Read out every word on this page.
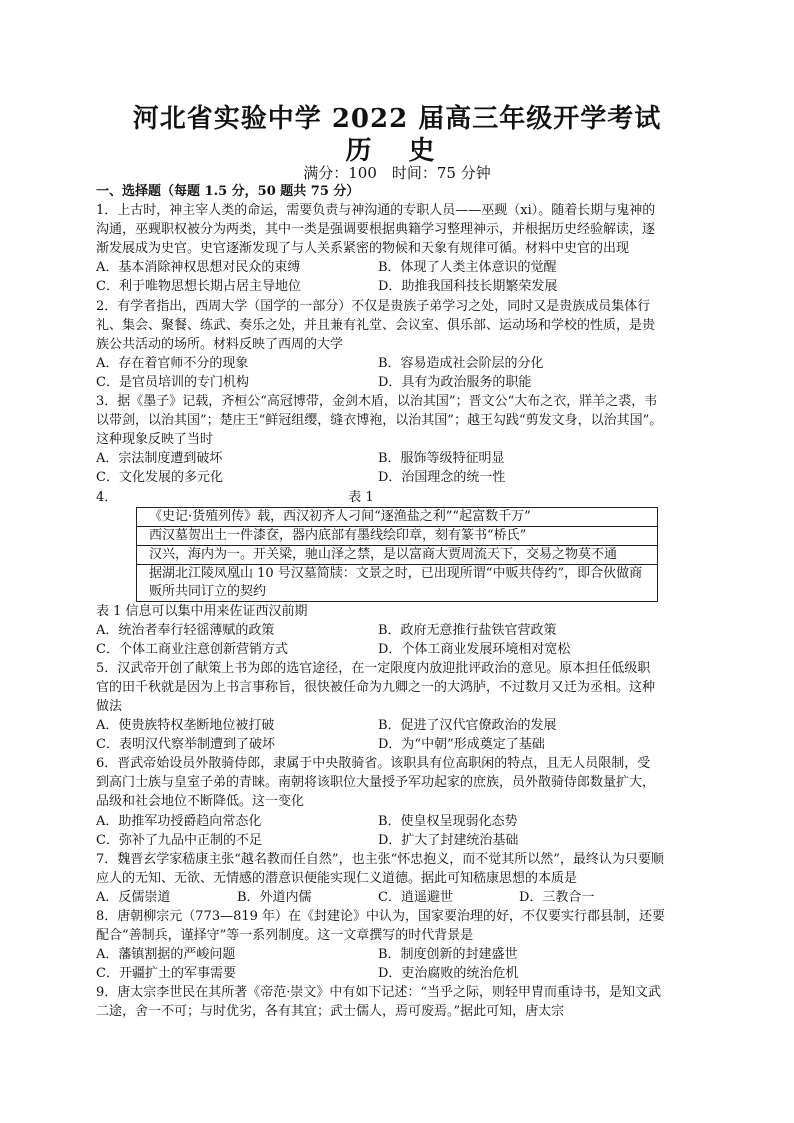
河北省实验中学 2022 届高三年级开学考试
历 史
满分：100　时间：75 分钟
一、选择题（每题 1.5 分，50 题共 75 分）
1．上古时，神主宰人类的命运，需要负责与神沟通的专职人员——巫觋（xi）。随着长期与鬼神的
沟通，巫觋职权被分为两类，其中一类是强调要根据典籍学习整理神示，并根据历史经验解读，逐
渐发展成为史官。史官逐渐发现了与人关系紧密的物候和天象有规律可循。材料中史官的出现
A．基本消除神权思想对民众的束缚	B．体现了人类主体意识的觉醒
C．利于唯物思想长期占居主导地位	D．助推我国科技长期繁荣发展
2．有学者指出，西周大学（国学的一部分）不仅是贵族子弟学习之处，同时又是贵族成员集体行
礼、集会、聚餐、练武、奏乐之处，并且兼有礼堂、会议室、俱乐部、运动场和学校的性质，是贵
族公共活动的场所。材料反映了西周的大学
A．存在着官师不分的现象	B．容易造成社会阶层的分化
C．是官员培训的专门机构	D．具有为政治服务的职能
3．据《墨子》记载，齐桓公“高冠博带，金剑木盾，以治其国”；晋文公“大布之衣，牂羊之裘，韦
以带剑，以治其国”；楚庄王“鲜冠组缨，缝衣博袍，以治其国”；越王勾践“剪发文身，以治其国”。
这种现象反映了当时
A．宗法制度遭到破坏	B．服饰等级特征明显
C．文化发展的多元化	D．治国理念的统一性
表 1
4．
《史记·货殖列传》载，西汉初齐人刁间“逐渔盐之利”“起富数千万”
西汉墓贺出土一件漆奁，器内底部有墨线绘印章，刻有篆书“桥氏”
汉兴，海内为一。开关梁，驰山泽之禁，是以富商大贾周流天下，交易之物莫不通
据湖北江陵凤凰山 10 号汉墓简牍：文景之时，已出现所谓“中贩共侍约”，即合伙做商贩所共同订立的契约
表 1 信息可以集中用来佐证西汉前期
A．统治者奉行轻徭薄赋的政策	B．政府无意推行盐铁官营政策
C．个体工商业注意创新营销方式	D．个体工商业发展环境相对宽松
5．汉武帝开创了献策上书为郎的选官途径，在一定限度内放迎批评政治的意见。原本担任低级职
官的田千秋就是因为上书言事称旨，很快被任命为九卿之一的大鸿胪，不过数月又迁为丞相。这种
做法
A．使贵族特权垄断地位被打破	B．促进了汉代官僚政治的发展
C．表明汉代察举制遭到了破坏	D．为“中朝”形成奠定了基础
6．晋武帝始设员外散骑侍郎，隶属于中央散骑省。该职具有位高职闲的特点，且无人员限制，受
到高门士族与皇室子弟的青睐。南朝将该职位大量授予军功起家的庶族，员外散骑侍郎数量扩大，
品级和社会地位不断降低。这一变化
A．助推军功授爵趋向常态化	B．使皇权呈现弱化态势
C．弥补了九品中正制的不足	D．扩大了封建统治基础
7．魏晋玄学家嵇康主张“越名教而任自然”，也主张“怀忠抱义，而不觉其所以然”，最终认为只要顺
应人的无知、无欲、无情感的潜意识便能实现仁义道德。据此可知嵇康思想的本质是
A．反儒崇道	B．外道内儒	C．逍遥避世	D．三教合一
8．唐朝柳宗元（773—819 年）在《封建论》中认为，国家要治理的好，不仅要实行郡县制，还要
配合“善制兵，谨择守”等一系列制度。这一文章撰写的时代背景是
A．藩镇割据的严峻问题	B．制度创新的封建盛世
C．开疆扩土的军事需要	D．吏治腐败的统治危机
9．唐太宗李世民在其所著《帝范·崇文》中有如下记述：“当乎之际，则轻甲胄而重诗书，是知文武
二途，舍一不可；与时优劣，各有其宜；武士儒人，焉可废焉。”据此可知，唐太宗
